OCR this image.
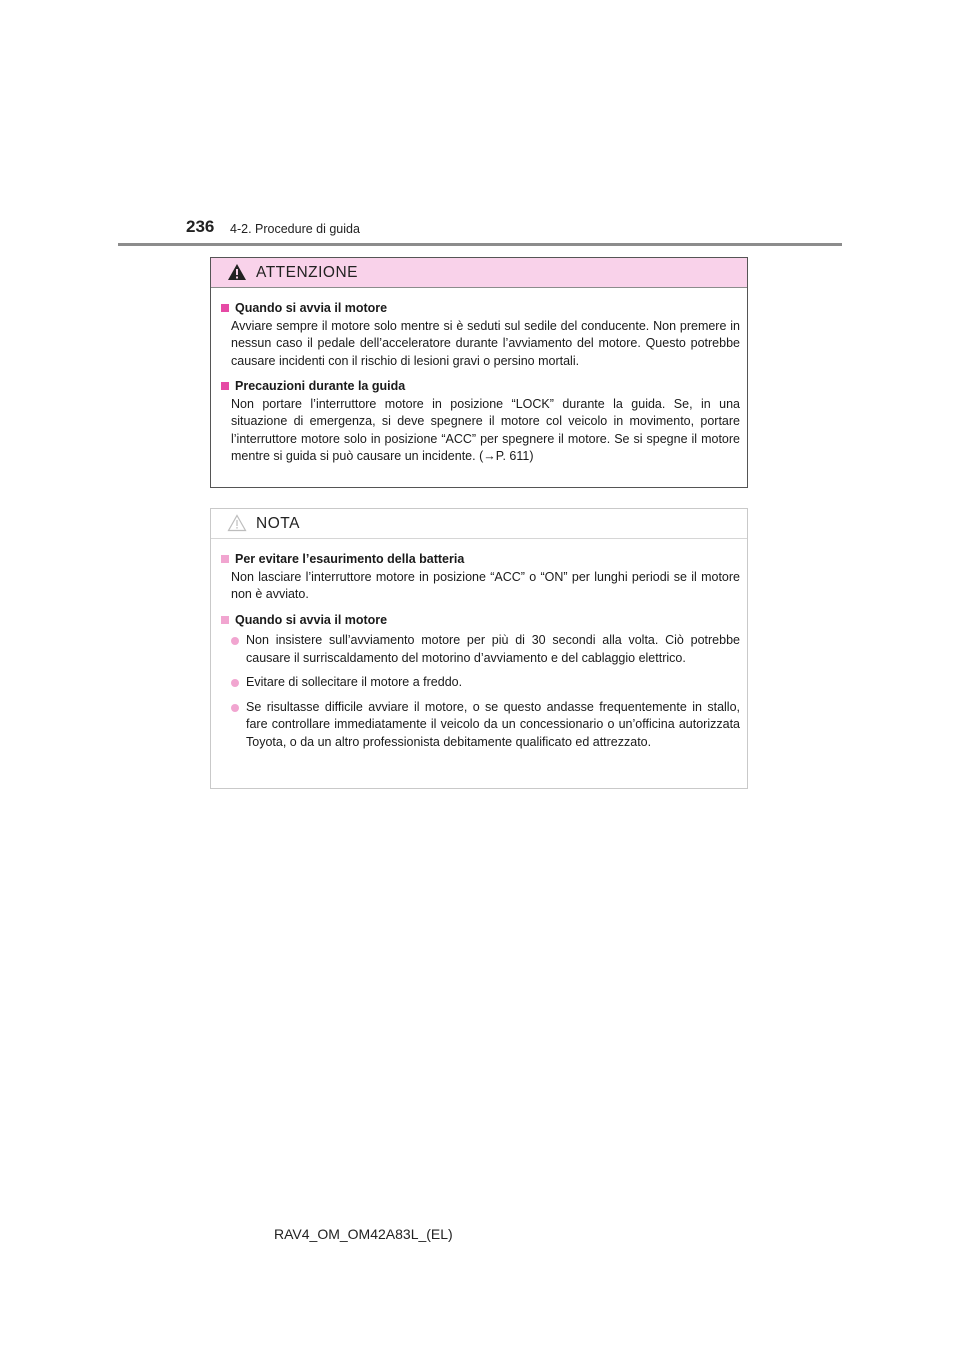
236 4-2. Procedure di guida
ATTENZIONE
Quando si avvia il motore
Avviare sempre il motore solo mentre si è seduti sul sedile del conducente. Non premere in nessun caso il pedale dell’acceleratore durante l’avviamento del motore. Questo potrebbe causare incidenti con il rischio di lesioni gravi o persino mortali.
Precauzioni durante la guida
Non portare l’interruttore motore in posizione “LOCK” durante la guida. Se, in una situazione di emergenza, si deve spegnere il motore col veicolo in movimento, portare l’interruttore motore solo in posizione “ACC” per spegnere il motore. Se si spegne il motore mentre si guida si può causare un incidente. (→P. 611)
NOTA
Per evitare l’esaurimento della batteria
Non lasciare l’interruttore motore in posizione “ACC” o “ON” per lunghi periodi se il motore non è avviato.
Quando si avvia il motore
Non insistere sull’avviamento motore per più di 30 secondi alla volta. Ciò potrebbe causare il surriscaldamento del motorino d’avviamento e del cablaggio elettrico.
Evitare di sollecitare il motore a freddo.
Se risultasse difficile avviare il motore, o se questo andasse frequentemente in stallo, fare controllare immediatamente il veicolo da un concessionario o un’officina autorizzata Toyota, o da un altro professionista debitamente qualificato ed attrezzato.
RAV4_OM_OM42A83L_(EL)
